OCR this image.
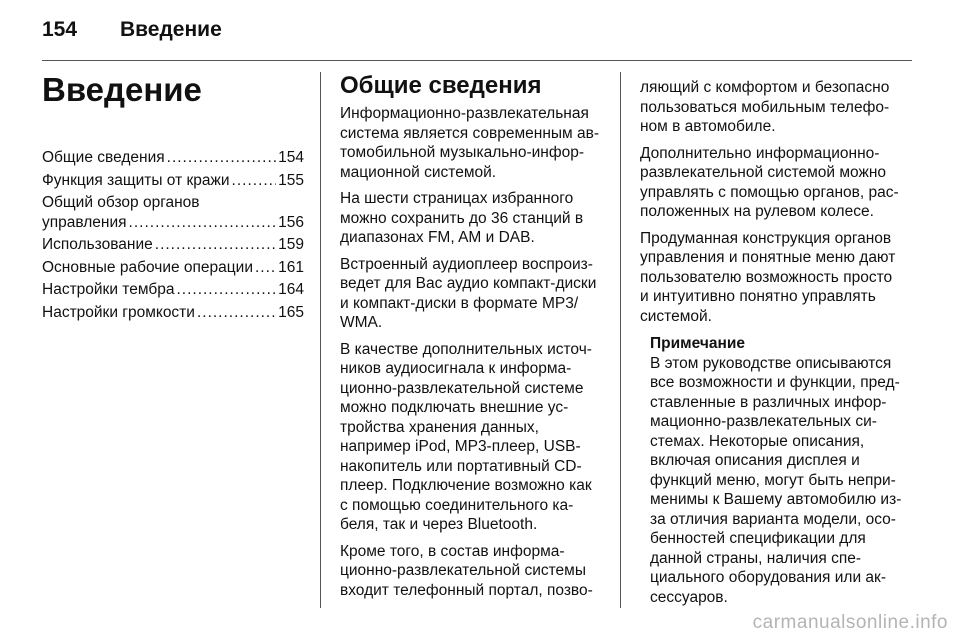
154	Введение
Введение
Общие сведения .....	154
Функция защиты от кражи .....	155
Общий обзор органов
управления .....	156
Использование .....	159
Основные рабочие операции ..... 161
Настройки тембра .....	164
Настройки громкости .....	165
Общие сведения

Информационно-развлекательная
система является современным ав-
томобильной музыкально-инфор-
мационной системой.

На шести страницах избранного
можно сохранить до 36 станций в
диапазонах FM, AM и DAB.

Встроенный аудиоплеер воспроиз-
ведет для Вас аудио компакт-диски
и компакт-диски в формате MP3/
WMA.

В качестве дополнительных источ-
ников аудиосигнала к информа-
ционно-развлекательной системе
можно подключать внешние ус-
тройства хранения данных,
например iPod, MP3-плеер, USB-
накопитель или портативный CD-
плеер. Подключение возможно как
с помощью соединительного ка-
беля, так и через Bluetooth.

Кроме того, в состав информа-
ционно-развлекательной системы
входит телефонный портал, позво-

ляющий с комфортом и безопасно
пользоваться мобильным телефо-
ном в автомобиле.

Дополнительно информационно-
развлекательной системой можно
управлять с помощью органов, рас-
положенных на рулевом колесе.

Продуманная конструкция органов
управления и понятные меню дают
пользователю возможность просто
и интуитивно понятно управлять
системой.

Примечание

В этом руководстве описываются
все возможности и функции, пред-
ставленные в различных инфор-
мационно-развлекательных си-
стемах. Некоторые описания,
включая описания дисплея и
функций меню, могут быть непри-
менимы к Вашему автомобилю из-
за отличия варианта модели, осо-
бенностей спецификации для
данной страны, наличия спе-
циального оборудования или ак-
сессуаров.

carmanualsonline.info
